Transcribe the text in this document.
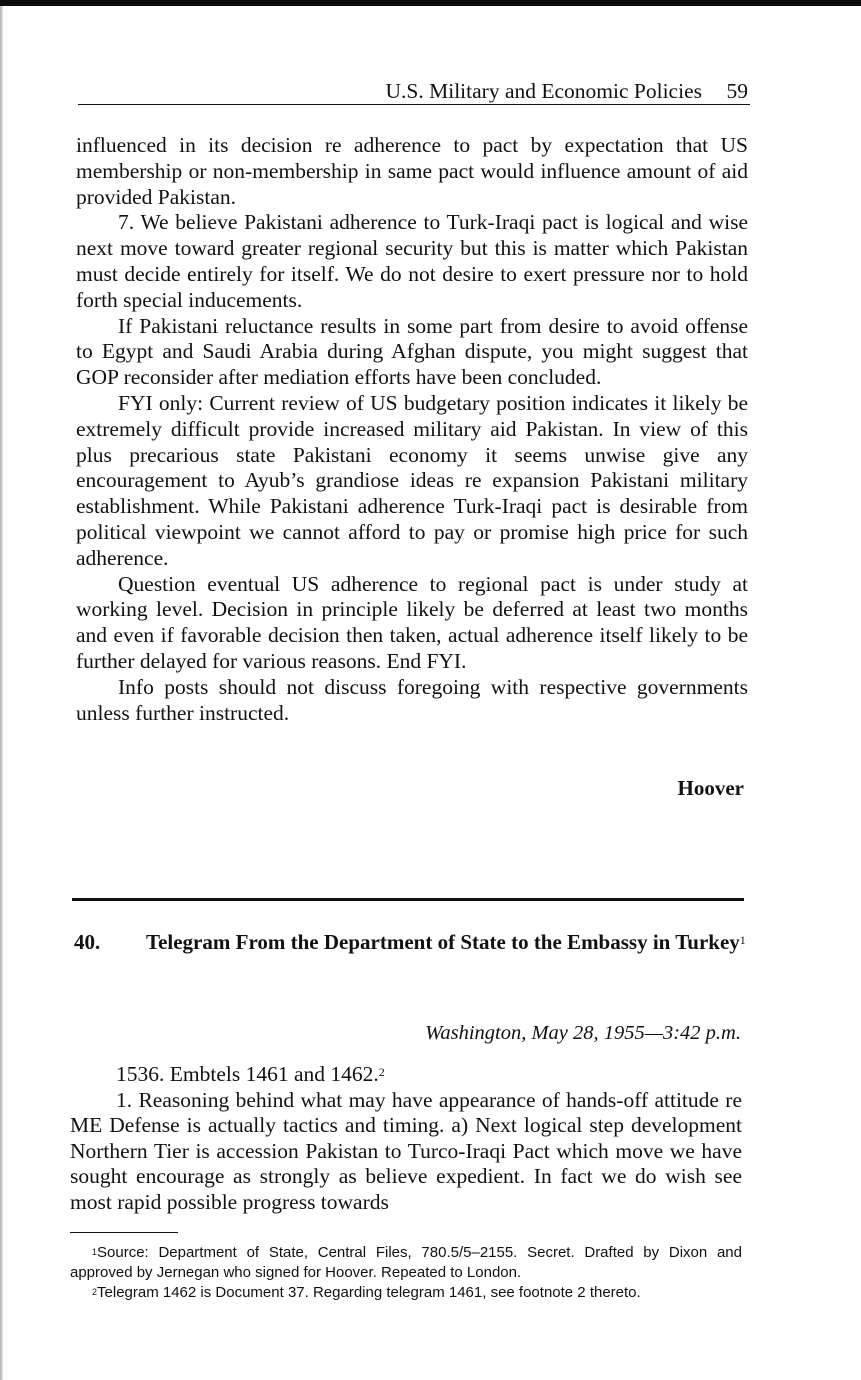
U.S. Military and Economic Policies 59

influenced in its decision re adherence to pact by expectation that US membership or non-membership in same pact would influence amount of aid provided Pakistan.

7. We believe Pakistani adherence to Turk-Iraqi pact is logical and wise next move toward greater regional security but this is matter which Pakistan must decide entirely for itself. We do not desire to exert pressure nor to hold forth special inducements.

If Pakistani reluctance results in some part from desire to avoid offense to Egypt and Saudi Arabia during Afghan dispute, you might suggest that GOP reconsider after mediation efforts have been concluded.

FYI only: Current review of US budgetary position indicates it likely be extremely difficult provide increased military aid Pakistan. In view of this plus precarious state Pakistani economy it seems unwise give any encouragement to Ayub’s grandiose ideas re expansion Pakistani military establishment. While Pakistani adherence Turk-Iraqi pact is desirable from political viewpoint we cannot afford to pay or promise high price for such adherence.

Question eventual US adherence to regional pact is under study at working level. Decision in principle likely be deferred at least two months and even if favorable decision then taken, actual adherence itself likely to be further delayed for various reasons. End FYI.

Info posts should not discuss foregoing with respective governments unless further instructed.

Hoover
40. Telegram From the Department of State to the Embassy in Turkey$^1$
Washington, May 28, 1955—3:42 p.m.

1536. Embtels 1461 and 1462.$^2$

1. Reasoning behind what may have appearance of hands-off attitude re ME Defense is actually tactics and timing. a) Next logical step development Northern Tier is accession Pakistan to Turco-Iraqi Pact which move we have sought encourage as strongly as believe expedient. In fact we do wish see most rapid possible progress towards

$^1$Source: Department of State, Central Files, 780.5/5–2155. Secret. Drafted by Dixon and approved by Jernegan who signed for Hoover. Repeated to London.

$^2$Telegram 1462 is Document 37. Regarding telegram 1461, see footnote 2 thereto.
